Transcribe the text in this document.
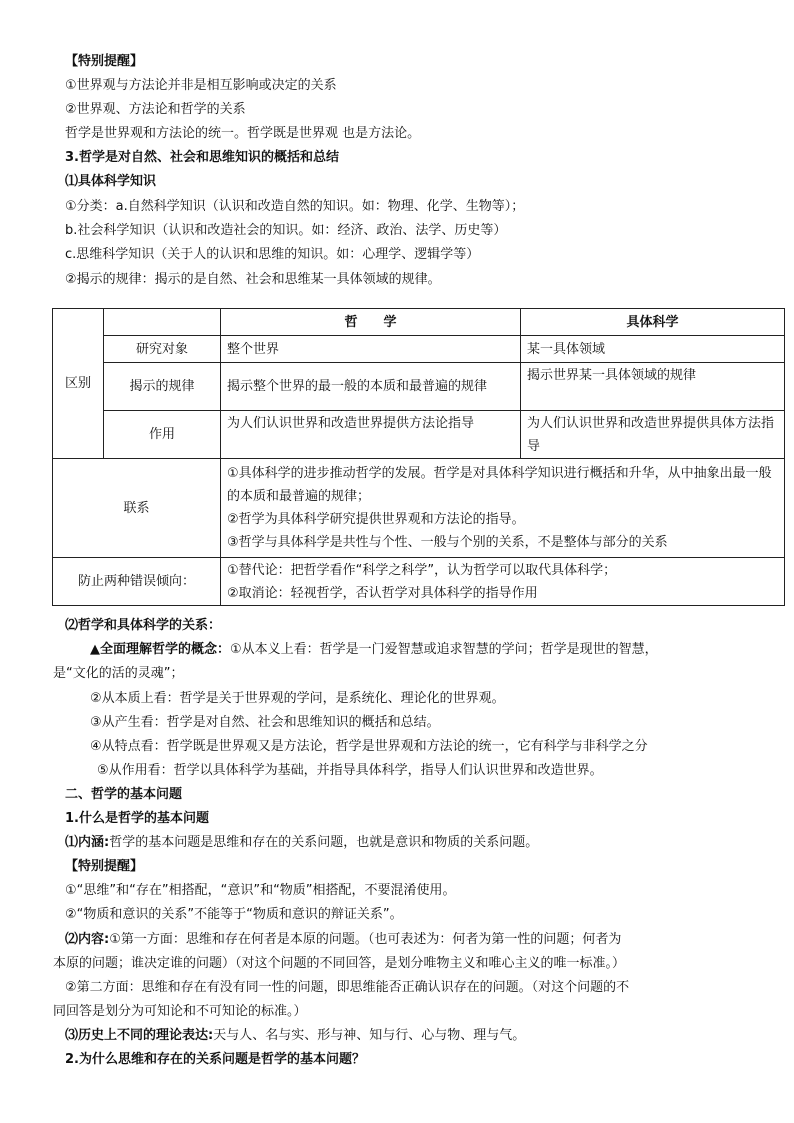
【特别提醒】
①世界观与方法论并非是相互影响或决定的关系
②世界观、方法论和哲学的关系
哲学是世界观和方法论的统一。哲学既是世界观 也是方法论。
3.哲学是对自然、社会和思维知识的概括和总结
⑴具体科学知识
①分类：a.自然科学知识（认识和改造自然的知识。如：物理、化学、生物等）；
b.社会科学知识（认识和改造社会的知识。如：经济、政治、法学、历史等）
c.思维科学知识（关于人的认识和思维的知识。如：心理学、逻辑学等）
②揭示的规律：揭示的是自然、社会和思维某一具体领域的规律。
区别		哲　　学	具体科学
	研究对象	整个世界	某一具体领域
	揭示的规律	揭示整个世界的最一般的本质和最普遍的规律	揭示世界某一具体领域的规律
	作用	为人们认识世界和改造世界提供方法论指导	为人们认识世界和改造世界提供具体方法指导
联系		①具体科学的进步推动哲学的发展。哲学是对具体科学知识进行概括和升华，从中抽象出最一般的本质和最普遍的规律；
②哲学为具体科学研究提供世界观和方法论的指导。
③哲学与具体科学是共性与个性、一般与个别的关系，不是整体与部分的关系	

防止两种错误倾向：		①替代论：把哲学看作“科学之科学”，认为哲学可以取代具体科学；
②取消论：轻视哲学，否认哲学对具体科学的指导作用	
⑵哲学和具体科学的关系：
▲全面理解哲学的概念：①从本义上看：哲学是一门爱智慧或追求智慧的学问；哲学是现世的智慧，
是“文化的活的灵魂”；
②从本质上看：哲学是关于世界观的学问，是系统化、理论化的世界观。
③从产生看：哲学是对自然、社会和思维知识的概括和总结。
④从特点看：哲学既是世界观又是方法论，哲学是世界观和方法论的统一，它有科学与非科学之分
⑤从作用看：哲学以具体科学为基础，并指导具体科学，指导人们认识世界和改造世界。
二、哲学的基本问题
1.什么是哲学的基本问题
⑴内涵:哲学的基本问题是思维和存在的关系问题，也就是意识和物质的关系问题。
【特别提醒】
①“思维”和“存在”相搭配，“意识”和“物质”相搭配，不要混淆使用。
②“物质和意识的关系”不能等于“物质和意识的辩证关系”。
⑵内容:①第一方面：思维和存在何者是本原的问题。（也可表述为：何者为第一性的问题；何者为
本原的问题；谁决定谁的问题）（对这个问题的不同回答，是划分唯物主义和唯心主义的唯一标准。）
②第二方面：思维和存在有没有同一性的问题，即思维能否正确认识存在的问题。（对这个问题的不
同回答是划分为可知论和不可知论的标准。）
⑶历史上不同的理论表达:天与人、名与实、形与神、知与行、心与物、理与气。
2.为什么思维和存在的关系问题是哲学的基本问题？
